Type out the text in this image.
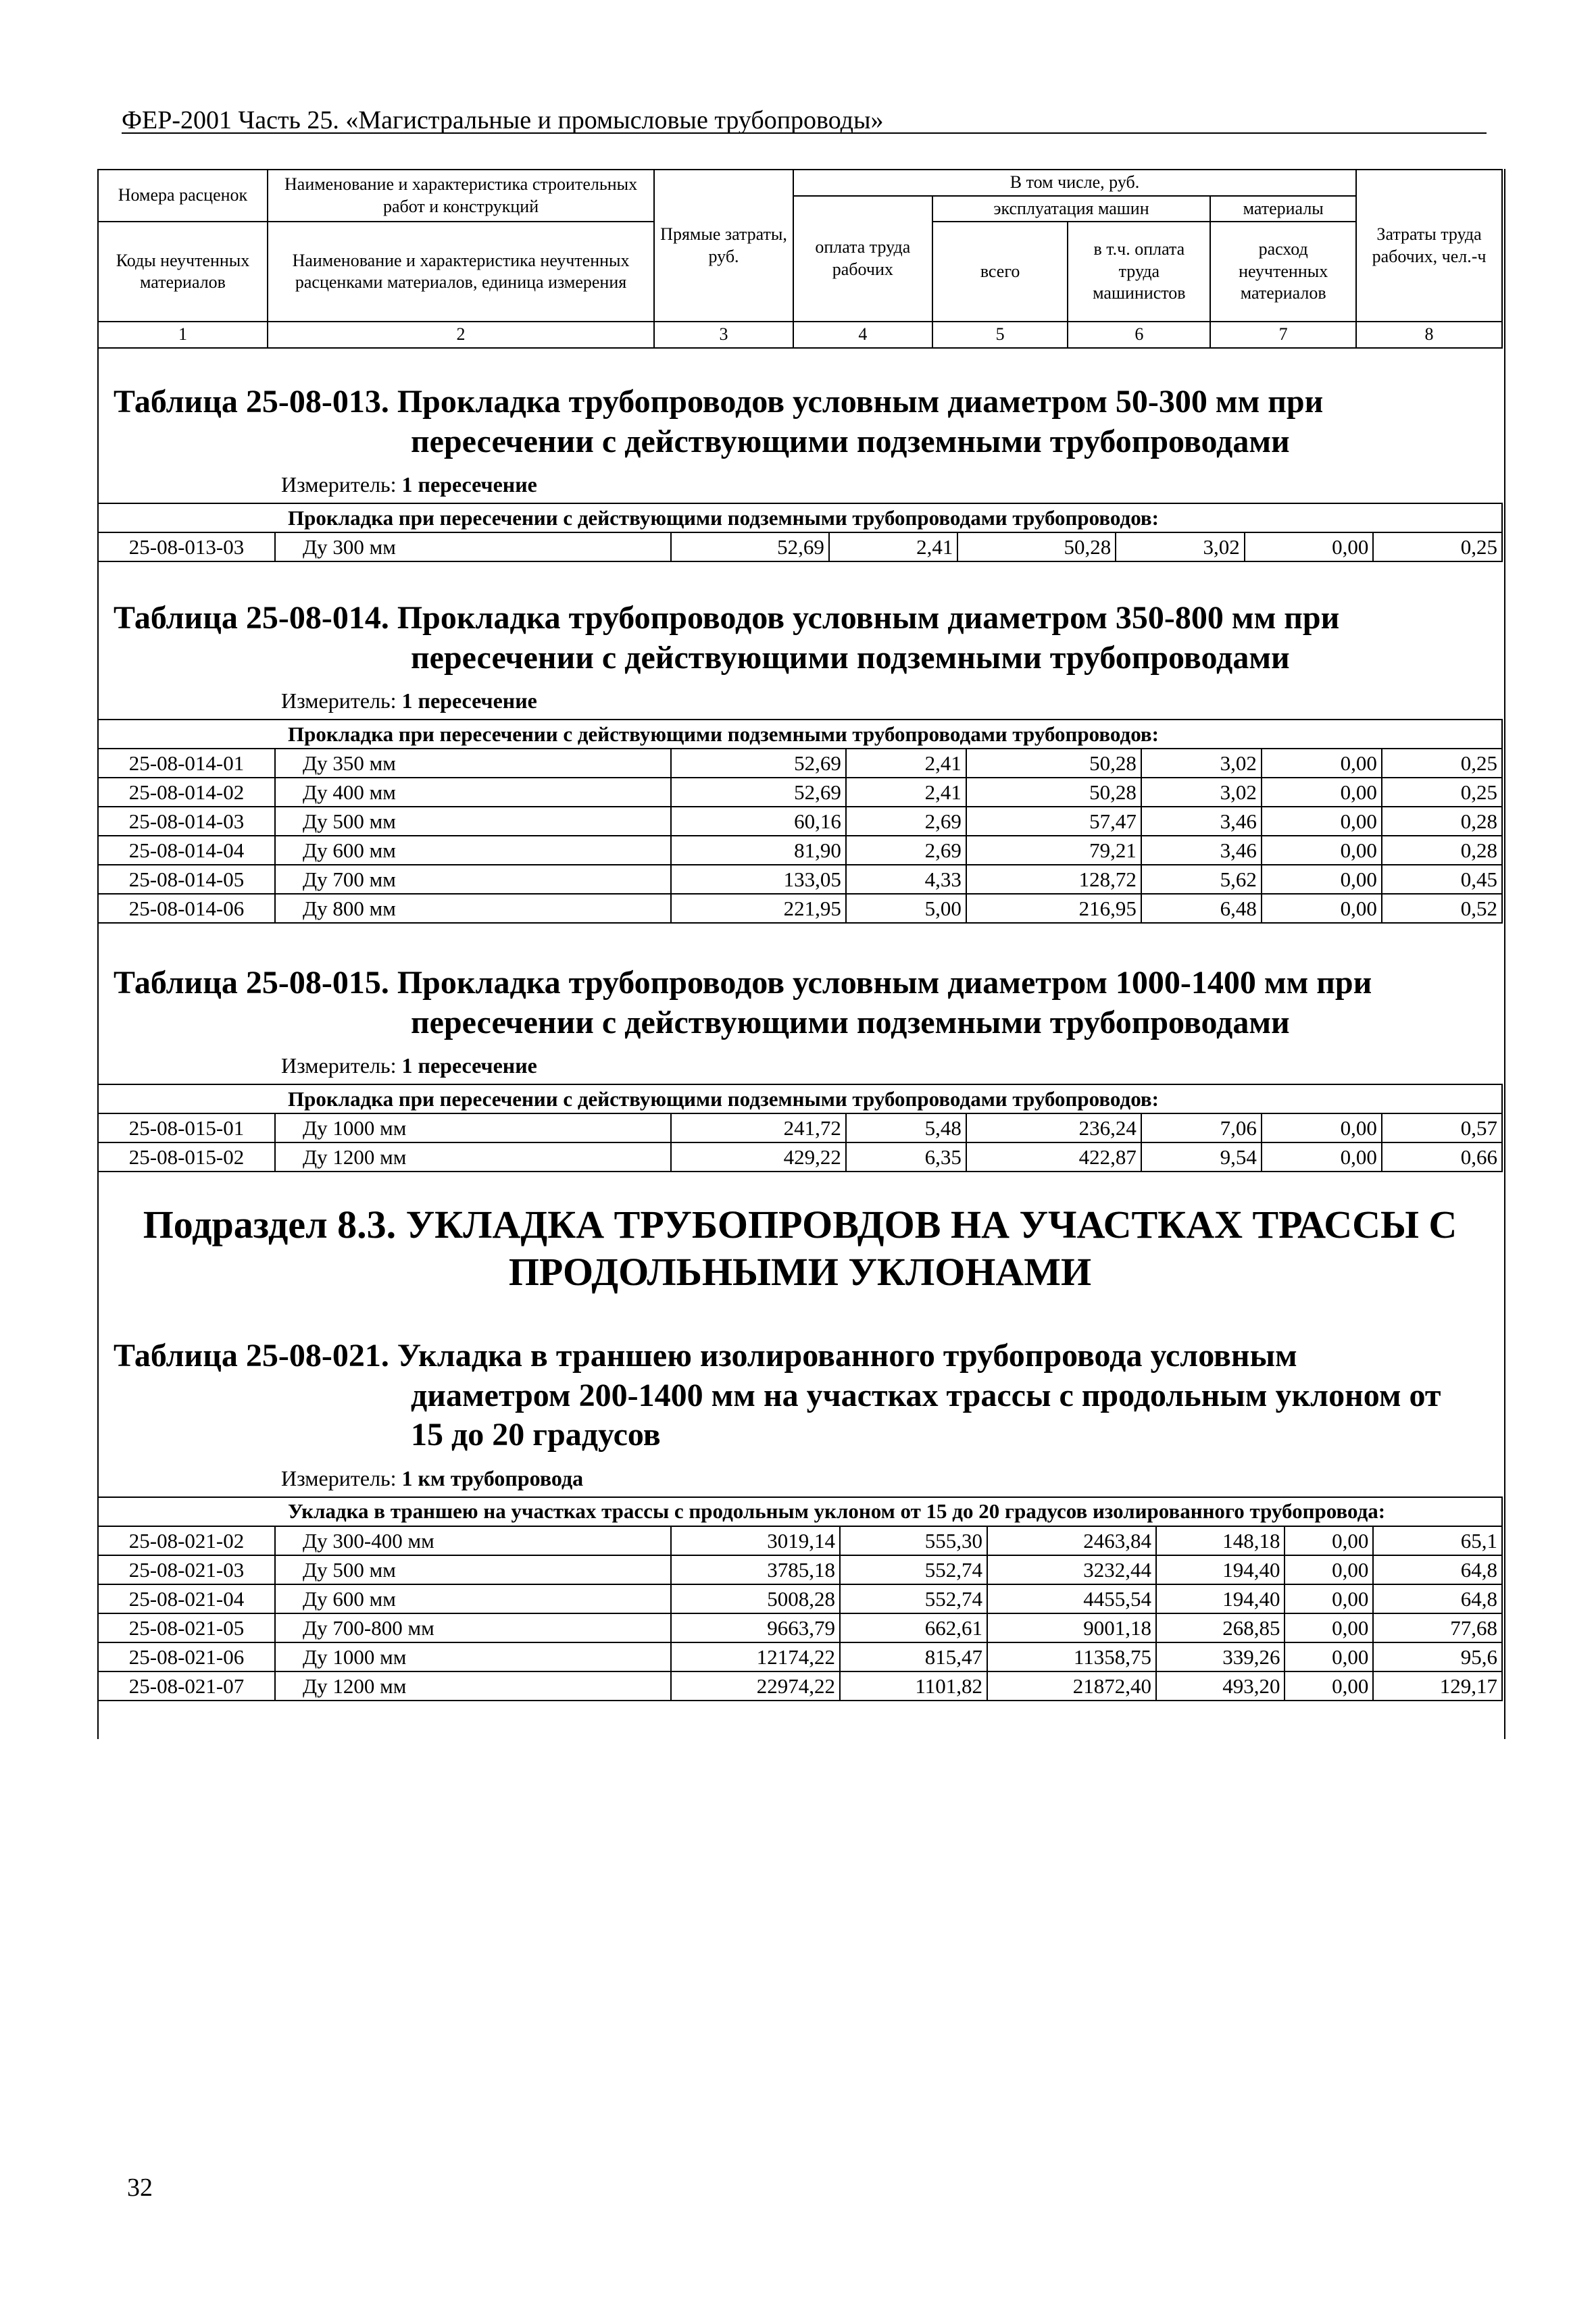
ФЕР-2001 Часть 25. «Магистральные и промысловые трубопроводы»
Номера расценок	Наименование и характеристика строительных работ и конструкций	Прямые затраты, руб.	В том числе, руб.				Затраты труда рабочих, чел.-ч
			оплата труда рабочих	эксплуатация машин		материалы	
Коды неучтенных материалов	Наименование и характеристика неучтенных расценками материалов, единица измерения			всего	в т.ч. оплата труда машинистов	расход неучтенных материалов	

1	2	3	4	5	6	7	8
Таблица 25-08-013. Прокладка трубопроводов условным диаметром 50-300 мм при
пересечении с действующими подземными трубопроводами
Измеритель: 1 пересечение
Прокладка при пересечении с действующими подземными трубопроводами трубопроводов:
25-08-013-03	Ду 300 мм	52,69	2,41	50,28	3,02	0,00	0,25
Таблица 25-08-014. Прокладка трубопроводов условным диаметром 350-800 мм при
пересечении с действующими подземными трубопроводами
Измеритель: 1 пересечение
Прокладка при пересечении с действующими подземными трубопроводами трубопроводов:							
25-08-014-01	Ду 350 мм	52,69	2,41	50,28	3,02	0,00	0,25
25-08-014-02	Ду 400 мм	52,69	2,41	50,28	3,02	0,00	0,25
25-08-014-03	Ду 500 мм	60,16	2,69	57,47	3,46	0,00	0,28
25-08-014-04	Ду 600 мм	81,90	2,69	79,21	3,46	0,00	0,28
25-08-014-05	Ду 700 мм	133,05	4,33	128,72	5,62	0,00	0,45
25-08-014-06	Ду 800 мм	221,95	5,00	216,95	6,48	0,00	0,52
Таблица 25-08-015. Прокладка трубопроводов условным диаметром 1000-1400 мм при
пересечении с действующими подземными трубопроводами
Измеритель: 1 пересечение
Прокладка при пересечении с действующими подземными трубопроводами трубопроводов:							
25-08-015-01	Ду 1000 мм	241,72	5,48	236,24	7,06	0,00	0,57
25-08-015-02	Ду 1200 мм	429,22	6,35	422,87	9,54	0,00	0,66
Подраздел 8.3. УКЛАДКА ТРУБОПРОВДОВ НА УЧАСТКАХ ТРАССЫ С
ПРОДОЛЬНЫМИ УКЛОНАМИ
Таблица 25-08-021. Укладка в траншею изолированного трубопровода условным
диаметром 200-1400 мм на участках трассы с продольным уклоном от
15 до 20 градусов
Измеритель: 1 км трубопровода
Укладка в траншею на участках трассы с продольным уклоном от 15 до 20 градусов изолированного трубопровода:							
25-08-021-02	Ду 300-400 мм	3019,14	555,30	2463,84	148,18	0,00	65,1
25-08-021-03	Ду 500 мм	3785,18	552,74	3232,44	194,40	0,00	64,8
25-08-021-04	Ду 600 мм	5008,28	552,74	4455,54	194,40	0,00	64,8
25-08-021-05	Ду 700-800 мм	9663,79	662,61	9001,18	268,85	0,00	77,68
25-08-021-06	Ду 1000 мм	12174,22	815,47	11358,75	339,26	0,00	95,6
25-08-021-07	Ду 1200 мм	22974,22	1101,82	21872,40	493,20	0,00	129,17
32
